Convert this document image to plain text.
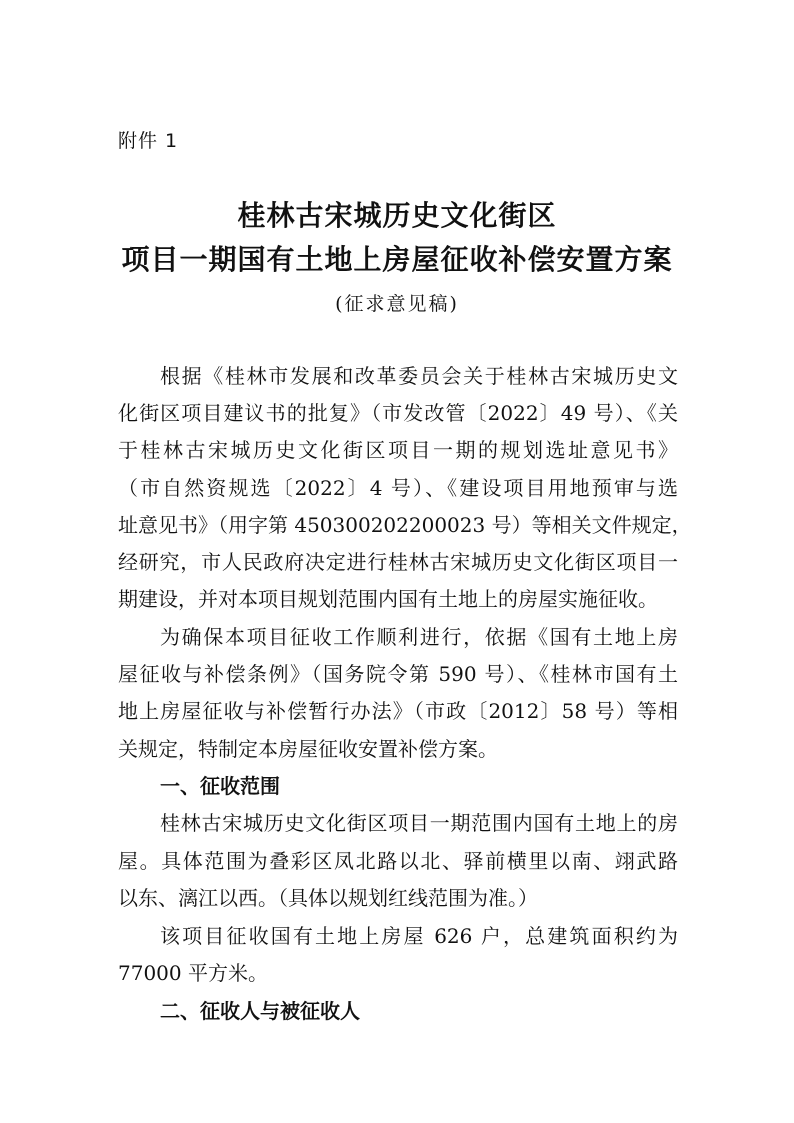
附件 1
桂林古宋城历史文化街区
项目一期国有土地上房屋征收补偿安置方案
(征求意见稿)
根据《桂林市发展和改革委员会关于桂林古宋城历史文
化街区项目建议书的批复》（市发改管〔2022〕49 号）、《关
于桂林古宋城历史文化街区项目一期的规划选址意见书》
（市自然资规选〔2022〕4 号）、《建设项目用地预审与选
址意见书》（用字第 450300202200023 号）等相关文件规定，
经研究，市人民政府决定进行桂林古宋城历史文化街区项目一
期建设，并对本项目规划范围内国有土地上的房屋实施征收。
为确保本项目征收工作顺利进行，依据《国有土地上房
屋征收与补偿条例》（国务院令第 590 号）、《桂林市国有土
地上房屋征收与补偿暂行办法》（市政〔2012〕58 号）等相
关规定，特制定本房屋征收安置补偿方案。
一、征收范围
桂林古宋城历史文化街区项目一期范围内国有土地上的房
屋。具体范围为叠彩区凤北路以北、驿前横里以南、翊武路
以东、漓江以西。（具体以规划红线范围为准。）
该项目征收国有土地上房屋 626 户，总建筑面积约为
77000 平方米。
二、征收人与被征收人
